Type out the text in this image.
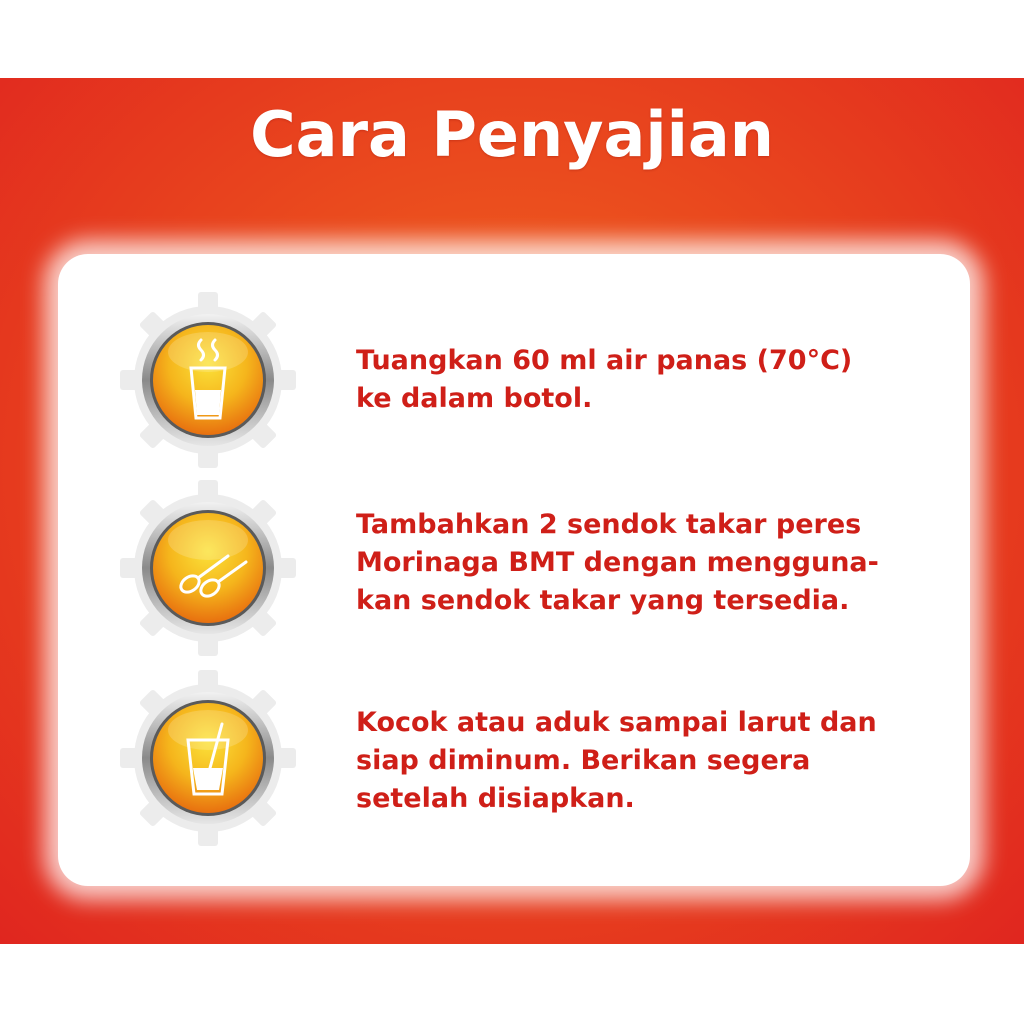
Cara Penyajian
Tuangkan 60 ml air panas (70°C)
ke dalam botol.
Tambahkan 2 sendok takar peres
Morinaga BMT dengan mengguna-
kan sendok takar yang tersedia.
Kocok atau aduk sampai larut dan
siap diminum. Berikan segera
setelah disiapkan.
